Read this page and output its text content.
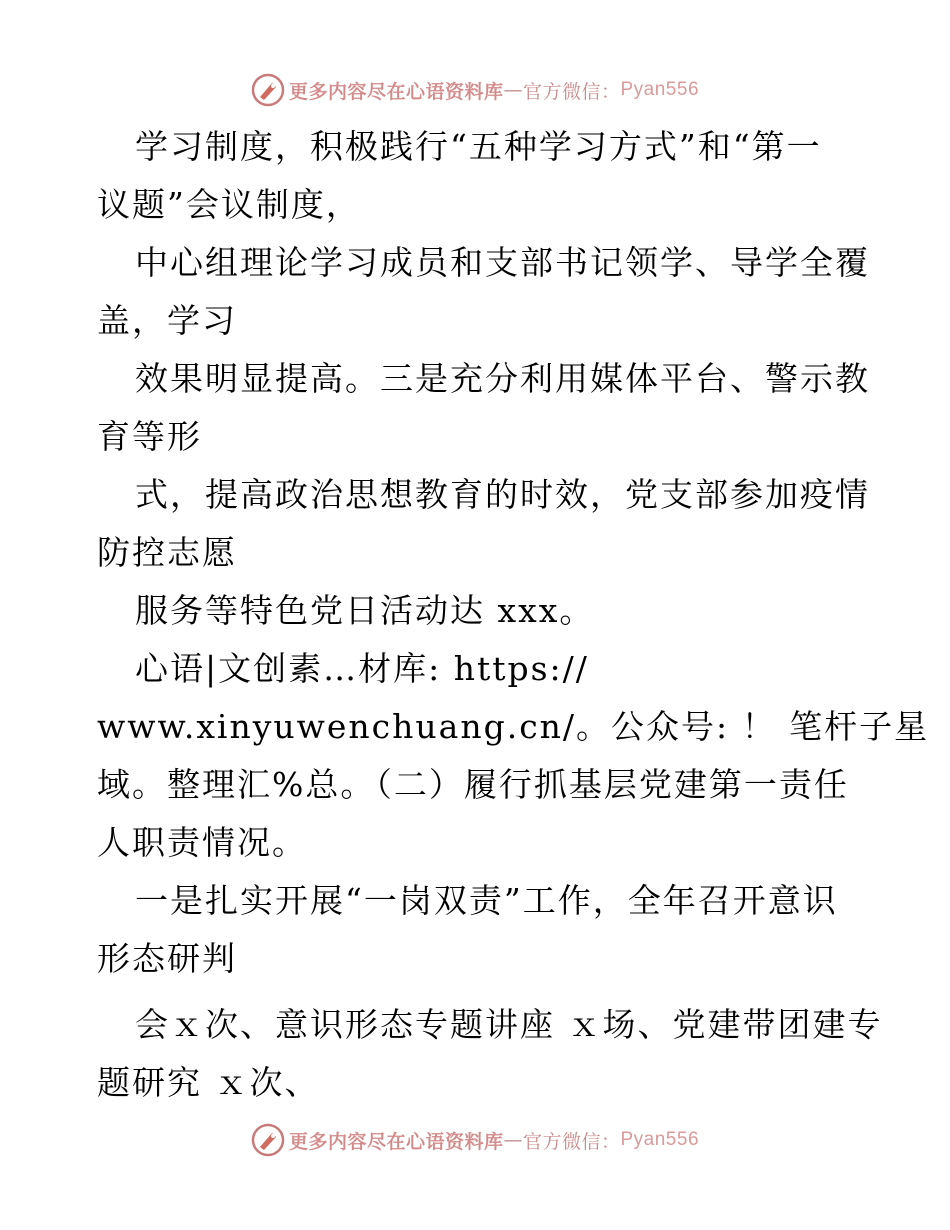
更多内容尽在心语资料库 — 官方微信： Pyan556
学习制度，积极践行“五种学习方式”和“第一
议题”会议制度，
中心组理论学习成员和支部书记领学、导学全覆
盖，学习
效果明显提高。三是充分利用媒体平台、警示教
育等形
式，提高政治思想教育的时效，党支部参加疫情
防控志愿
服务等特色党日活动达 xxx。
心语|文创素…材库: https://
www.xinyuwenchuang.cn/。公众号: ！ 笔杆子星
域。整理汇%总。（二）履行抓基层党建第一责任
人职责情况。
一是扎实开展“一岗双责”工作，全年召开意识
形态研判
会ｘ次、意识形态专题讲座 ｘ场、党建带团建专
题研究 ｘ次、
更多内容尽在心语资料库 — 官方微信： Pyan556
